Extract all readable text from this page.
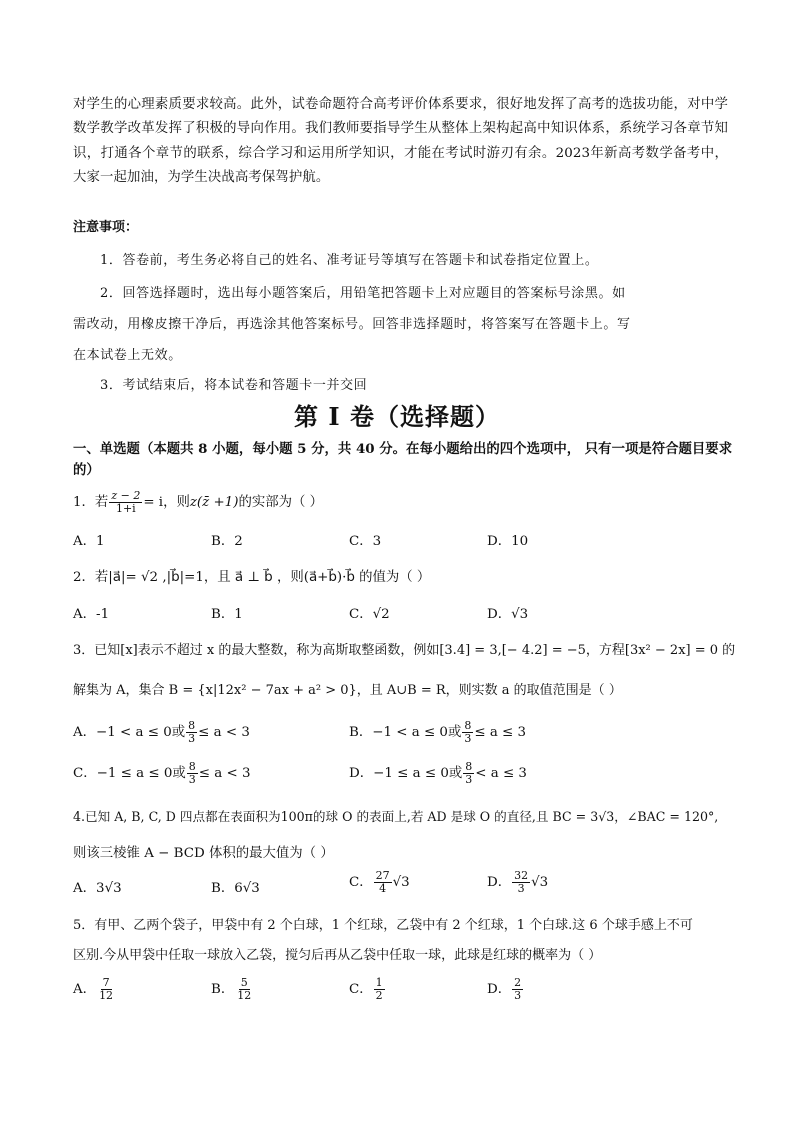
对学生的心理素质要求较高。此外，试卷命题符合高考评价体系要求，很好地发挥了高考的选拔功能，对中学数学教学改革发挥了积极的导向作用。我们教师要指导学生从整体上架构起高中知识体系，系统学习各章节知识，打通各个章节的联系，综合学习和运用所学知识，才能在考试时游刃有余。2023年新高考数学备考中，大家一起加油，为学生决战高考保驾护航。
注意事项：
1．答卷前，考生务必将自己的姓名、准考证号等填写在答题卡和试卷指定位置上。
2．回答选择题时，选出每小题答案后，用铅笔把答题卡上对应题目的答案标号涂黑。如
需改动，用橡皮擦干净后，再选涂其他答案标号。回答非选择题时，将答案写在答题卡上。写
在本试卷上无效。
3．考试结束后，将本试卷和答题卡一并交回
第 I 卷（选择题）
一、单选题（本题共 8 小题，每小题 5 分，共 40 分。在每小题给出的四个选项中， 只有一项是符合题目要求的）
1．若 $\frac{z - 2}{1+i} = i$，则z(z̄ +1)的实部为（ ）
A．1	B．2	C．3	D．10
2．若|a⃗|= √2 ,|b⃗|=1，且 a⃗ ⊥ b⃗ ，则(a⃗+b⃗)·b⃗ 的值为（ ）
A．-1	B．1	C．√2	D．√3
3．已知[x]表示不超过 x 的最大整数，称为高斯取整函数，例如[3.4] = 3,[− 4.2] = −5，方程[3x² − 2x] = 0 的
解集为 A，集合 B = {x|12x² − 7ax + a² > 0}，且 A∪B = R，则实数 a 的取值范围是（ ）
A．−1 < a ≤ 0或 $\frac{8}{3} \le a < 3$	B．−1 < a ≤ 0或 $\frac{8}{3} \le a \le 3$
C．−1 ≤ a ≤ 0或 $\frac{8}{3} \le a < 3$	D．−1 ≤ a ≤ 0或 $\frac{8}{3} < a \le 3$
4.已知 A, B, C, D 四点都在表面积为100π的球 O 的表面上,若 AD 是球 O 的直径,且 BC = 3√3，∠BAC = 120°,
则该三棱锥 A − BCD 体积的最大值为（ ）
A．3√3	B．6√3	C． $\frac{27}{4} √3$	D． $\frac{32}{3} √3$
5．有甲、乙两个袋子，甲袋中有 2 个白球，1 个红球，乙袋中有 2 个红球，1 个白球.这 6 个球手感上不可
区别.今从甲袋中任取一球放入乙袋，搅匀后再从乙袋中任取一球，此球是红球的概率为（ ）
A． $\frac{7}{12}$	B． $\frac{5}{12}$	C． $\frac{1}{2}$	D． $\frac{2}{3}$
